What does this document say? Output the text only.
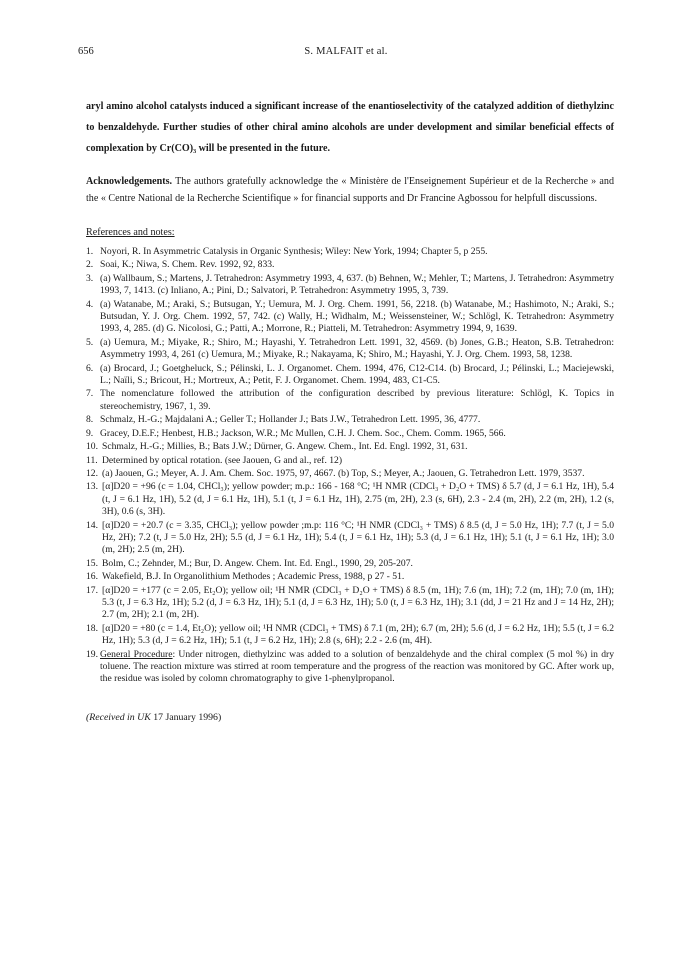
656	S. MALFAIT et al.

aryl amino alcohol catalysts induced a significant increase of the enantioselectivity of the catalyzed addition of diethylzinc to benzaldehyde. Further studies of other chiral amino alcohols are under development and similar beneficial effects of complexation by Cr(CO)₃ will be presented in the future.

Acknowledgements. The authors gratefully acknowledge the « Ministère de l'Enseignement Supérieur et de la Recherche » and the « Centre National de la Recherche Scientifique » for financial supports and Dr Francine Agbossou for helpfull discussions.

References and notes:

1. Noyori, R. In Asymmetric Catalysis in Organic Synthesis; Wiley: New York, 1994; Chapter 5, p 255.
2. Soai, K.; Niwa, S. Chem. Rev. 1992, 92, 833.
3. (a) Wallbaum, S.; Martens, J. Tetrahedron: Asymmetry 1993, 4, 637. (b) Behnen, W.; Mehler, T.; Martens, J. Tetrahedron: Asymmetry 1993, 7, 1413. (c) Inliano, A.; Pini, D.; Salvatori, P. Tetrahedron: Asymmetry 1995, 3, 739.
4. (a) Watanabe, M.; Araki, S.; Butsugan, Y.; Uemura, M. J. Org. Chem. 1991, 56, 2218. (b) Watanabe, M.; Hashimoto, N.; Araki, S.; Butsudan, Y. J. Org. Chem. 1992, 57, 742. (c) Wally, H.; Widhalm, M.; Weissensteiner, W.; Schlögl, K. Tetrahedron: Asymmetry 1993, 4, 285. (d) G. Nicolosi, G.; Patti, A.; Morrone, R.; Piatteli, M. Tetrahedron: Asymmetry 1994, 9, 1639.
5. (a) Uemura, M.; Miyake, R.; Shiro, M.; Hayashi, Y. Tetrahedron Lett. 1991, 32, 4569. (b) Jones, G.B.; Heaton, S.B. Tetrahedron: Asymmetry 1993, 4, 261 (c) Uemura, M.; Miyake, R.; Nakayama, K; Shiro, M.; Hayashi, Y. J. Org. Chem. 1993, 58, 1238.
6. (a) Brocard, J.; Goetgheluck, S.; Pélinski, L. J. Organomet. Chem. 1994, 476, C12-C14. (b) Brocard, J.; Pélinski, L.; Maciejewski, L.; Naïli, S.; Bricout, H.; Mortreux, A.; Petit, F. J. Organomet. Chem. 1994, 483, C1-C5.
7. The nomenclature followed the attribution of the configuration described by previous literature: Schlögl, K. Topics in stereochemistry, 1967, 1, 39.
8. Schmalz, H.-G.; Majdalani A.; Geller T.; Hollander J.; Bats J.W., Tetrahedron Lett. 1995, 36, 4777.
9. Gracey, D.E.F.; Henbest, H.B.; Jackson, W.R.; Mc Mullen, C.H. J. Chem. Soc., Chem. Comm. 1965, 566.
10. Schmalz, H.-G.; Millies, B.; Bats J.W.; Dürner, G. Angew. Chem., Int. Ed. Engl. 1992, 31, 631.
11. Determined by optical rotation. (see Jaouen, G and al., ref. 12)
12. (a) Jaouen, G.; Meyer, A. J. Am. Chem. Soc. 1975, 97, 4667. (b) Top, S.; Meyer, A.; Jaouen, G. Tetrahedron Lett. 1979, 3537.
13. [α]D20 = +96 (c = 1.04, CHCl₃); yellow powder; m.p.: 166 - 168 °C; ¹H NMR (CDCl₃ + D₂O + TMS) δ 5.7 (d, J = 6.1 Hz, 1H), 5.4 (t, J = 6.1 Hz, 1H), 5.2 (d, J = 6.1 Hz, 1H), 5.1 (t, J = 6.1 Hz, 1H), 2.75 (m, 2H), 2.3 (s, 6H), 2.3 - 2.4 (m, 2H), 2.2 (m, 2H), 1.2 (s, 3H), 0.6 (s, 3H).
14. [α]D20 = +20.7 (c = 3.35, CHCl₃); yellow powder ;m.p: 116 °C; ¹H NMR (CDCl₃ + TMS) δ 8.5 (d, J = 5.0 Hz, 1H); 7.7 (t, J = 5.0 Hz, 2H); 7.2 (t, J = 5.0 Hz, 2H); 5.5 (d, J = 6.1 Hz, 1H); 5.4 (t, J = 6.1 Hz, 1H); 5.3 (d, J = 6.1 Hz, 1H); 5.1 (t, J = 6.1 Hz, 1H); 3.0 (m, 2H); 2.5 (m, 2H).
15. Bolm, C.; Zehnder, M.; Bur, D. Angew. Chem. Int. Ed. Engl., 1990, 29, 205-207.
16. Wakefield, B.J. In Organolithium Methodes ; Academic Press, 1988, p 27 - 51.
17. [α]D20 = +177 (c = 2.05, Et₂O); yellow oil; ¹H NMR (CDCl₃ + D₂O + TMS) δ 8.5 (m, 1H); 7.6 (m, 1H); 7.2 (m, 1H); 7.0 (m, 1H); 5.3 (t, J = 6.3 Hz, 1H); 5.2 (d, J = 6.3 Hz, 1H); 5.1 (d, J = 6.3 Hz, 1H); 5.0 (t, J = 6.3 Hz, 1H); 3.1 (dd, J = 21 Hz and J = 14 Hz, 2H); 2.7 (m, 2H); 2.1 (m, 2H).
18. [α]D20 = +80 (c = 1.4, Et₂O); yellow oil; ¹H NMR (CDCl₃ + TMS) δ 7.1 (m, 2H); 6.7 (m, 2H); 5.6 (d, J = 6.2 Hz, 1H); 5.5 (t, J = 6.2 Hz, 1H); 5.3 (d, J = 6.2 Hz, 1H); 5.1 (t, J = 6.2 Hz, 1H); 2.8 (s, 6H); 2.2 - 2.6 (m, 4H).
19. General Procedure: Under nitrogen, diethylzinc was added to a solution of benzaldehyde and the chiral complex (5 mol %) in dry toluene. The reaction mixture was stirred at room temperature and the progress of the reaction was monitored by GC. After work up, the residue was isoled by colomn chromatography to give 1-phenylpropanol.
(Received in UK 17 January 1996)
